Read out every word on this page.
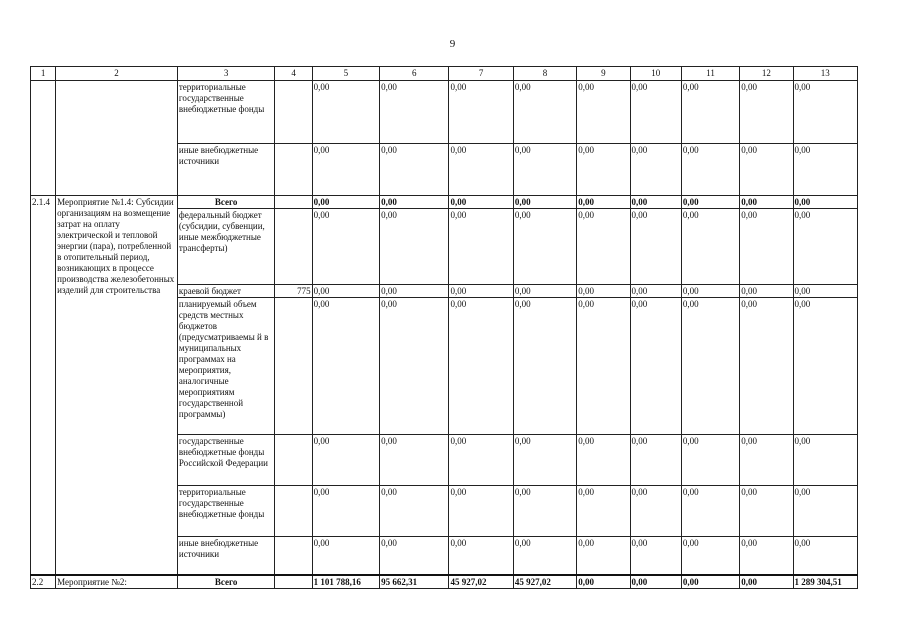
9
1	2	3	4	5	6	7	8	9	10	11	12	13
		территориальные государственные внебюджетные фонды		0,00	0,00	0,00	0,00	0,00	0,00	0,00	0,00	0,00
		иные внебюджетные источники		0,00	0,00	0,00	0,00	0,00	0,00	0,00	0,00	0,00
2.1.4	Мероприятие №1.4: Субсидии организациям на возмещение затрат на оплату электрической и тепловой энергии (пара), потребленной в отопительный период, возникающих в процессе производства железобетонных изделий для строительства	Всего		0,00	0,00	0,00	0,00	0,00	0,00	0,00	0,00	0,00
		федеральный бюджет (субсидии, субвенции, иные межбюджетные трансферты)		0,00	0,00	0,00	0,00	0,00	0,00	0,00	0,00	0,00
		краевой бюджет	775	0,00	0,00	0,00	0,00	0,00	0,00	0,00	0,00	0,00
		планируемый объем средств местных бюджетов (предусматриваемы й в муниципальных программах на мероприятия, аналогичные мероприятиям государственной программы)		0,00	0,00	0,00	0,00	0,00	0,00	0,00	0,00	0,00
		государственные внебюджетные фонды Российской Федерации		0,00	0,00	0,00	0,00	0,00	0,00	0,00	0,00	0,00
		территориальные государственные внебюджетные фонды		0,00	0,00	0,00	0,00	0,00	0,00	0,00	0,00	0,00
		иные внебюджетные источники		0,00	0,00	0,00	0,00	0,00	0,00	0,00	0,00	0,00
2.2	Мероприятие №2:	Всего		1 101 788,16	95 662,31	45 927,02	45 927,02	0,00	0,00	0,00	0,00	1 289 304,51
